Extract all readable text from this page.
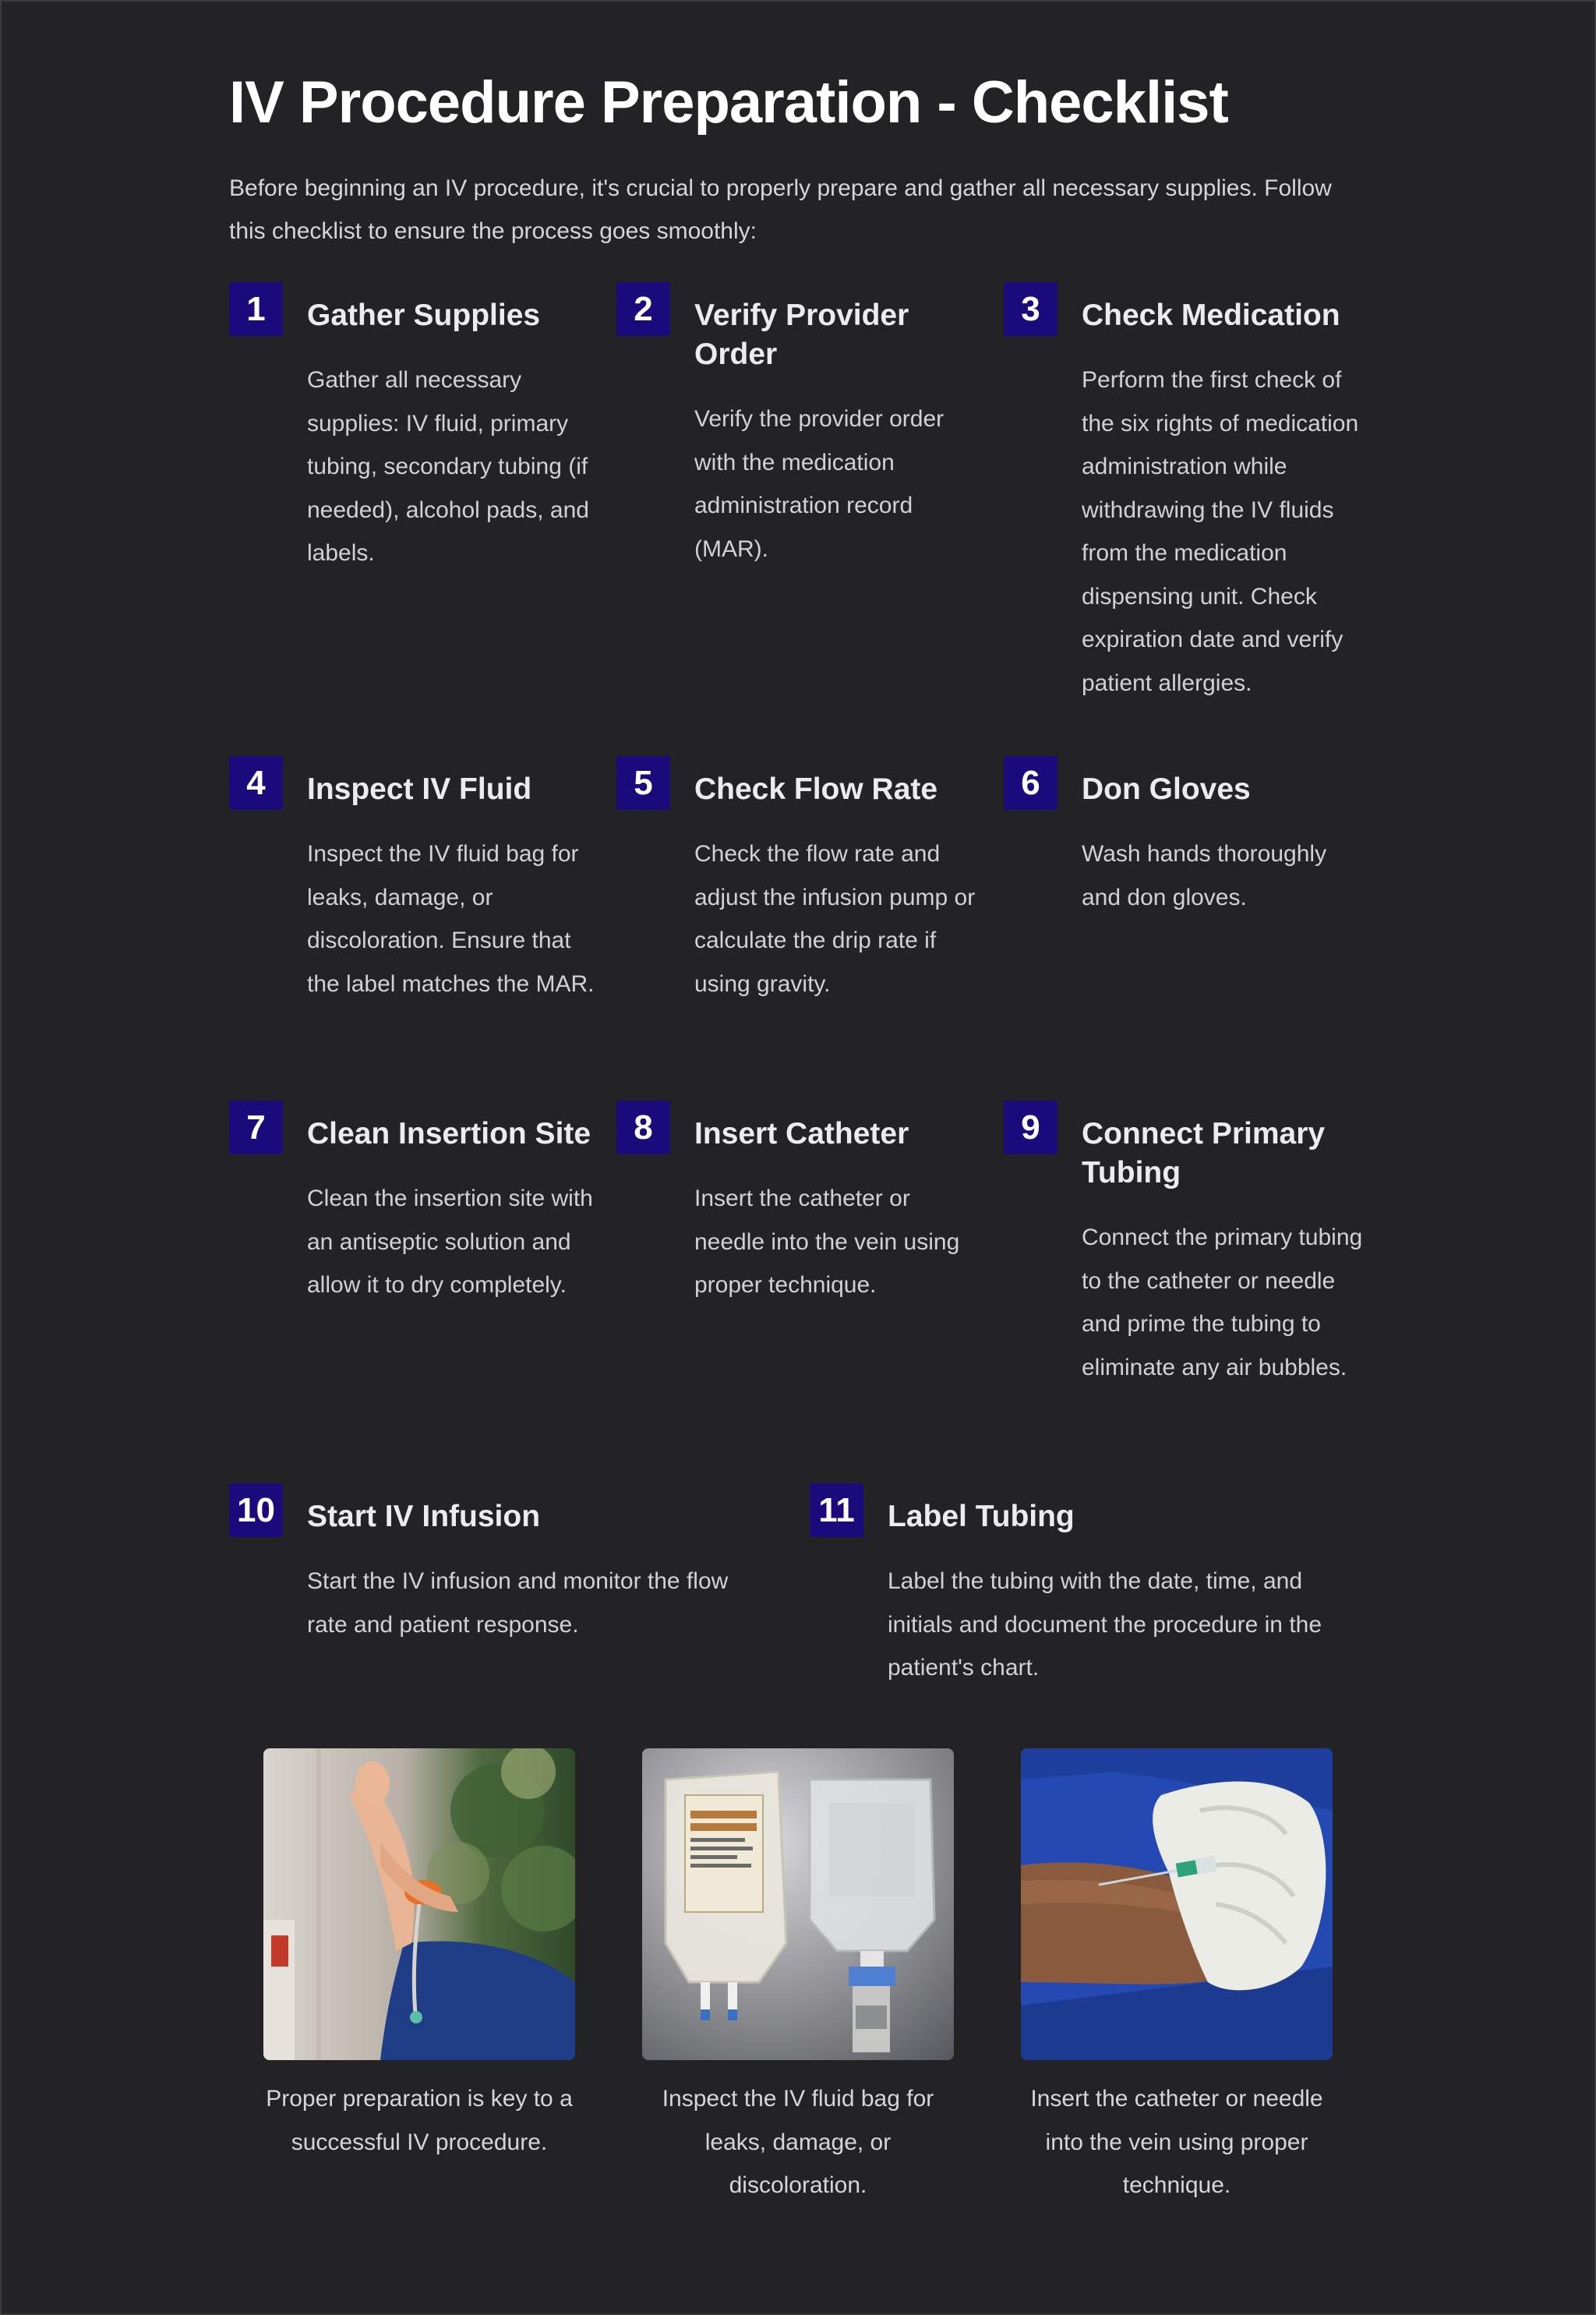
IV Procedure Preparation - Checklist

Before beginning an IV procedure, it's crucial to properly prepare and gather all necessary supplies. Follow this checklist to ensure the process goes smoothly:

1	Gather Supplies
Gather all necessary supplies: IV fluid, primary tubing, secondary tubing (if needed), alcohol pads, and labels.
2	Verify Provider Order
Verify the provider order with the medication administration record (MAR).
3	Check Medication
Perform the first check of the six rights of medication administration while withdrawing the IV fluids from the medication dispensing unit. Check expiration date and verify patient allergies.
4	Inspect IV Fluid
Inspect the IV fluid bag for leaks, damage, or discoloration. Ensure that the label matches the MAR.
5	Check Flow Rate
Check the flow rate and adjust the infusion pump or calculate the drip rate if using gravity.
6	Don Gloves
Wash hands thoroughly and don gloves.
7	Clean Insertion Site
Clean the insertion site with an antiseptic solution and allow it to dry completely.
8	Insert Catheter
Insert the catheter or needle into the vein using proper technique.
9	Connect Primary Tubing
Connect the primary tubing to the catheter or needle and prime the tubing to eliminate any air bubbles.
10 Start IV Infusion
Start the IV infusion and monitor the flow rate and patient response.
11 Label Tubing
Label the tubing with the date, time, and initials and document the procedure in the patient's chart.
Proper preparation is key to a successful IV procedure.
Inspect the IV fluid bag for leaks, damage, or discoloration.
Insert the catheter or needle into the vein using proper technique.
